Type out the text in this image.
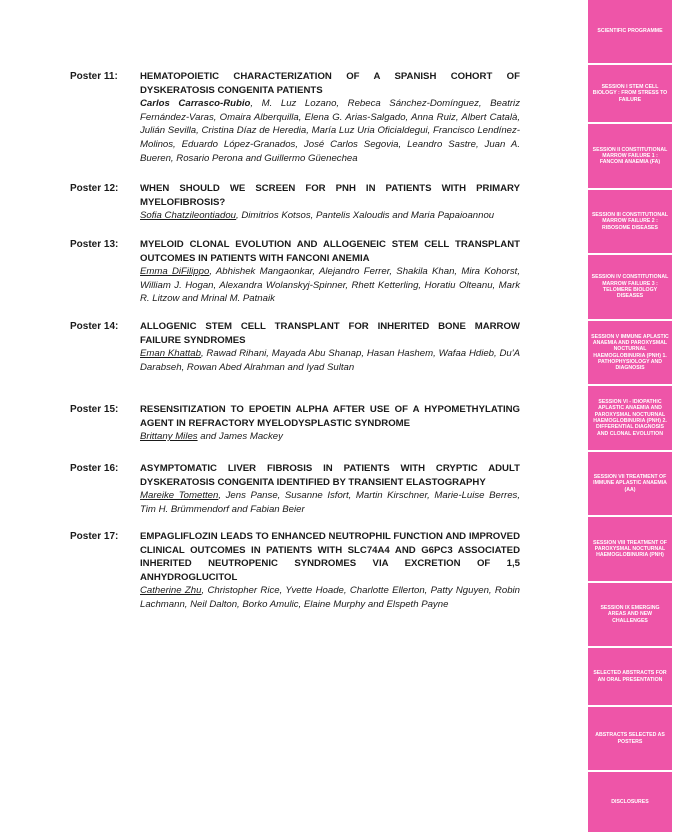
Poster 11:	HEMATOPOIETIC CHARACTERIZATION OF A SPANISH COHORT OF DYSKERATOSIS CONGENITA PATIENTS
Carlos Carrasco-Rubio, M. Luz Lozano, Rebeca Sánchez-Domínguez, Beatriz Fernández-Varas, Omaira Alberquilla, Elena G. Arias-Salgado, Anna Ruiz, Albert Català, Julián Sevilla, Cristina Díaz de Heredia, María Luz Uria Oficialdegui, Francisco Lendínez-Molinos, Eduardo López-Granados, José Carlos Segovia, Leandro Sastre, Juan A. Bueren, Rosario Perona and Guillermo Güenechea
Poster 12:	WHEN SHOULD WE SCREEN FOR PNH IN PATIENTS WITH PRIMARY MYELOFIBROSIS?
Sofia Chatzileontiadou, Dimitrios Kotsos, Pantelis Xaloudis and Maria Papaioannou
Poster 13:	MYELOID CLONAL EVOLUTION AND ALLOGENEIC STEM CELL TRANSPLANT OUTCOMES IN PATIENTS WITH FANCONI ANEMIA
Emma DiFilippo, Abhishek Mangaonkar, Alejandro Ferrer, Shakila Khan, Mira Kohorst, William J. Hogan, Alexandra Wolanskyj-Spinner, Rhett Ketterling, Horatiu Olteanu, Mark R. Litzow and Mrinal M. Patnaik
Poster 14:	ALLOGENIC STEM CELL TRANSPLANT FOR INHERITED BONE MARROW FAILURE SYNDROMES
Eman Khattab, Rawad Rihani, Mayada Abu Shanap, Hasan Hashem, Wafaa Hdieb, Du'A Darabseh, Rowan Abed Alrahman and Iyad Sultan
Poster 15:	RESENSITIZATION TO EPOETIN ALPHA AFTER USE OF A HYPOMETHYLATING AGENT IN REFRACTORY MYELODYSPLASTIC SYNDROME
Brittany Miles and James Mackey
Poster 16:	ASYMPTOMATIC LIVER FIBROSIS IN PATIENTS WITH CRYPTIC ADULT DYSKERATOSIS CONGENITA IDENTIFIED BY TRANSIENT ELASTOGRAPHY
Mareike Tometten, Jens Panse, Susanne Isfort, Martin Kirschner, Marie-Luise Berres, Tim H. Brümmendorf and Fabian Beier
Poster 17:	EMPAGLIFLOZIN LEADS TO ENHANCED NEUTROPHIL FUNCTION AND IMPROVED CLINICAL OUTCOMES IN PATIENTS WITH SLC74A4 AND G6PC3 ASSOCIATED INHERITED NEUTROPENIC SYNDROMES VIA EXCRETION OF 1,5 ANHYDROGLUCITOL
Catherine Zhu, Christopher Rice, Yvette Hoade, Charlotte Ellerton, Patty Nguyen, Robin Lachmann, Neil Dalton, Borko Amulic, Elaine Murphy and Elspeth Payne
SCIENTIFIC PROGRAMME
SESSION I STEM CELL BIOLOGY : FROM STRESS TO FAILURE
SESSION II CONSTITUTIONAL MARROW FAILURE 1 : FANCONI ANAEMIA (FA)
SESSION III CONSTITUTIONAL MARROW FAILURE 2 : RIBOSOME DISEASES
SESSION IV CONSTITUTIONAL MARROW FAILURE 3 : TELOMERE BIOLOGY DISEASES
SESSION V IMMUNE APLASTIC ANAEMIA AND PAROXYSMAL NOCTURNAL HAEMOGLOBINURIA (PNH) 1. PATHOPHYSIOLOGY AND DIAGNOSIS
SESSION VI - IDIOPATHIC APLASTIC ANAEMIA AND PAROXYSMAL NOCTURNAL HAEMOGLOBINURIA (PNH) 2. DIFFERENTIAL DIAGNOSIS AND CLONAL EVOLUTION
SESSION VII TREATMENT OF IMMUNE APLASTIC ANAEMIA (AA)
SESSION VIII TREATMENT OF PAROXYSMAL NOCTURNAL HAEMOGLOBINURIA (PNH)
SESSION IX EMERGING AREAS AND NEW CHALLENGES
SELECTED ABSTRACTS FOR AN ORAL PRESENTATION
ABSTRACTS SELECTED AS POSTERS
DISCLOSURES
